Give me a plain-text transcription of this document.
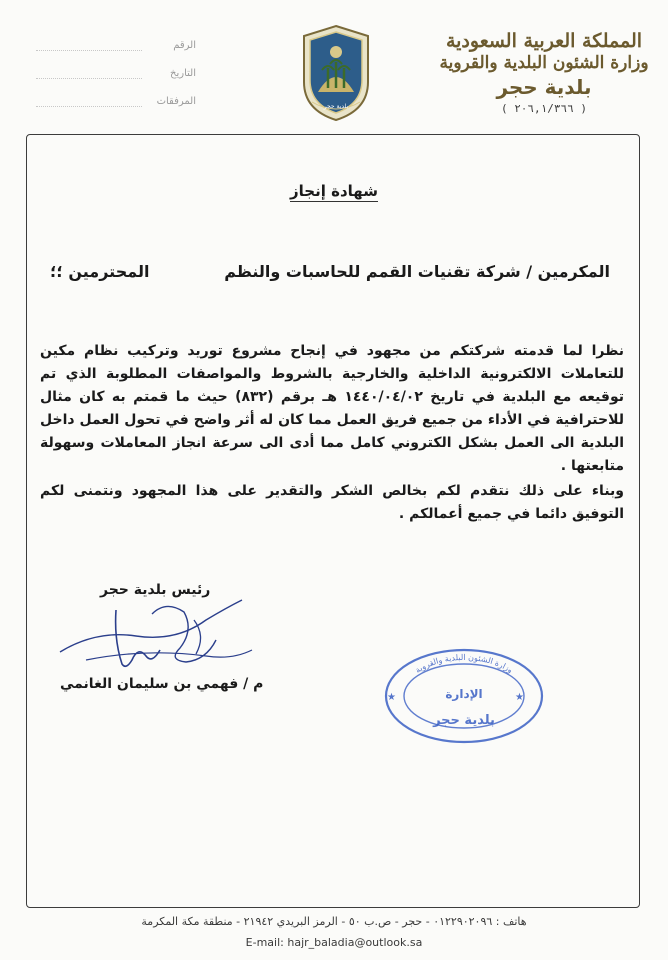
المملكة العربية السعودية
وزارة الشئون البلدية والقروية
بلدية حجر
( ٢٠٦,١/٣٦٦ )
بلدية حجر
الرقم
التاريخ
المرفقات
شهادة إنجاز
المكرمين / شركة تقنيات القمم للحاسبات والنظم
المحترمين ؛؛
نظرا لما قدمته شركتكم من مجهود في إنجاح مشروع توريد وتركيب نظام مكين للتعاملات الالكترونية الداخلية والخارجية بالشروط والمواصفات المطلوبة الذي تم توقيعه مع البلدية في تاريخ ١٤٤٠/٠٤/٠٢ هـ برقم (٨٣٢) حيث ما قمتم به كان مثال للاحترافية في الأداء من جميع فريق العمل مما كان له أثر واضح في تحول العمل داخل البلدية الى العمل بشكل الكتروني كامل مما أدى الى سرعة انجاز المعاملات وسهولة متابعتها .
وبناء على ذلك نتقدم لكم بخالص الشكر والتقدير على هذا المجهود ونتمنى لكم التوفيق دائما في جميع أعمالكم .
رئيس بلدية حجر
م / فهمي بن سليمان الغانمي
وزارة الشئون البلدية والقروية
الإدارة
بلدية حجر
★	★
هاتف : ٠١٢٢٩٠٢٠٩٦ - حجر - ص.ب ٥٠ - الرمز البريدي ٢١٩٤٢ - منطقة مكة المكرمة
E-mail: hajr_baladia@outlook.sa
